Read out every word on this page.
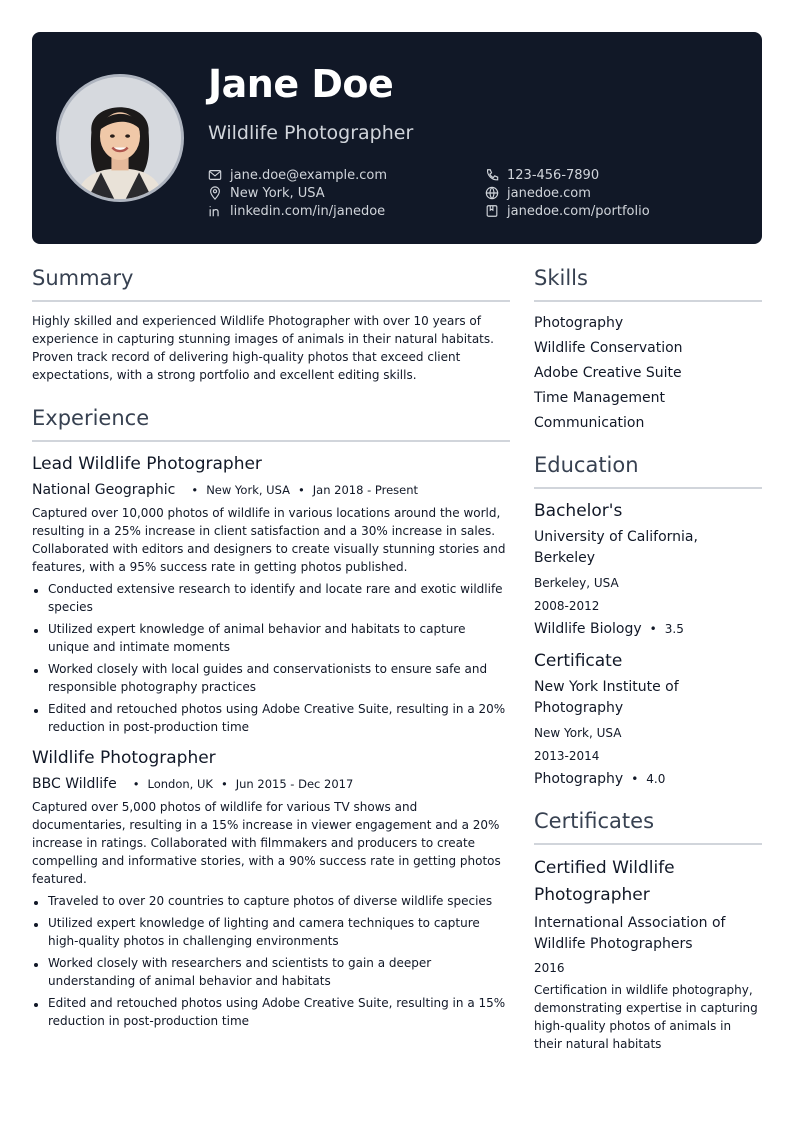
Jane Doe
Wildlife Photographer
jane.doe@example.com	123-456-7890
New York, USA	janedoe.com
linkedin.com/in/janedoe	janedoe.com/portfolio
Summary
Highly skilled and experienced Wildlife Photographer with over 10 years of experience in capturing stunning images of animals in their natural habitats. Proven track record of delivering high-quality photos that exceed client expectations, with a strong portfolio and excellent editing skills.
Experience
Lead Wildlife Photographer
National Geographic • New York, USA • Jan 2018 - Present
Captured over 10,000 photos of wildlife in various locations around the world, resulting in a 25% increase in client satisfaction and a 30% increase in sales. Collaborated with editors and designers to create visually stunning stories and features, with a 95% success rate in getting photos published.
Conducted extensive research to identify and locate rare and exotic wildlife species
Utilized expert knowledge of animal behavior and habitats to capture unique and intimate moments
Worked closely with local guides and conservationists to ensure safe and responsible photography practices
Edited and retouched photos using Adobe Creative Suite, resulting in a 20% reduction in post-production time
Wildlife Photographer
BBC Wildlife • London, UK • Jun 2015 - Dec 2017
Captured over 5,000 photos of wildlife for various TV shows and documentaries, resulting in a 15% increase in viewer engagement and a 20% increase in ratings. Collaborated with filmmakers and producers to create compelling and informative stories, with a 90% success rate in getting photos featured.
Traveled to over 20 countries to capture photos of diverse wildlife species
Utilized expert knowledge of lighting and camera techniques to capture high-quality photos in challenging environments
Worked closely with researchers and scientists to gain a deeper understanding of animal behavior and habitats
Edited and retouched photos using Adobe Creative Suite, resulting in a 15% reduction in post-production time
Skills
Photography
Wildlife Conservation
Adobe Creative Suite
Time Management
Communication
Education
Bachelor's
University of California, Berkeley
Berkeley, USA
2008-2012
Wildlife Biology • 3.5
Certificate
New York Institute of Photography
New York, USA
2013-2014
Photography • 4.0
Certificates
Certified Wildlife Photographer
International Association of Wildlife Photographers
2016
Certification in wildlife photography, demonstrating expertise in capturing high-quality photos of animals in their natural habitats
